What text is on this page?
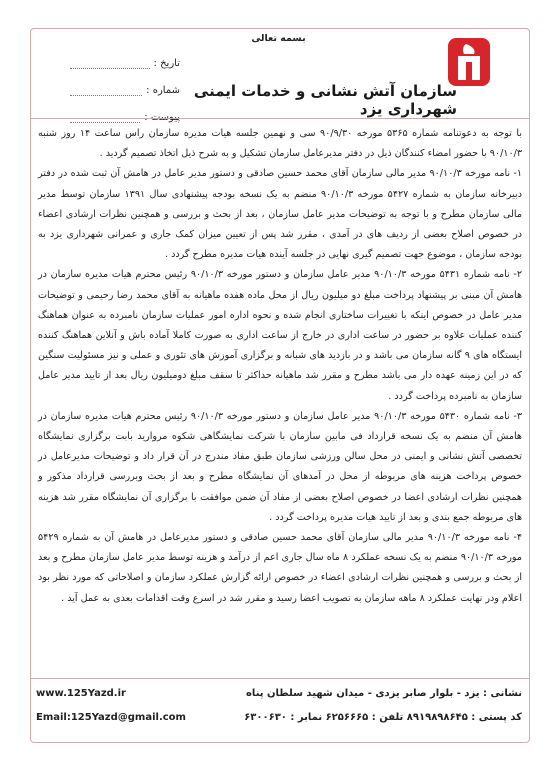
بسمه تعالی
سازمان آتش نشانی و خدمات ایمنی
شهرداری یزد
تاریخ :
شماره :
پیوست :

با توجه به دعوتنامه شماره ۵۳۶۵ مورخه ۹۰/۹/۳۰ سی و نهمین جلسه هیات مدیره سازمان راس ساعت ۱۴ روز شنبه ۹۰/۱۰/۳ با حضور امضاء کنندگان ذیل در دفتر مدیرعامل سازمان تشکیل و به شرح ذیل اتخاذ تصمیم گردید .

۱- نامه مورخه ۹۰/۱۰/۳ مدیر مالی سازمان آقای محمد حسین صادقی و دستور مدیر عامل در هامش آن ثبت شده در دفتر دبیرخانه سازمان به شماره ۵۴۲۷ مورخه ۹۰/۱۰/۳ منضم به یک نسخه بودجه پیشنهادی سال ۱۳۹۱ سازمان توسط مدیر مالی سازمان مطرح و با توجه به توضیحات مدیر عامل سازمان ، بعد از بحث و بررسی و همچنین نظرات ارشادی اعضاء در خصوص اصلاح بعضی از ردیف های در آمدی ، مقرر شد پس از تعیین میزان کمک جاری و عمرانی شهرداری یزد به بودجه سازمان ، موضوع جهت تصمیم گیری نهایی در جلسه آینده هیات مدیره مطرح گردد .

۲- نامه شماره ۵۴۳۱ مورخه ۹۰/۱۰/۳ مدیر عامل سازمان و دستور مورخه ۹۰/۱۰/۳ رئیس محترم هیات مدیره سازمان در هامش آن مبنی بر پیشنهاد پرداخت مبلغ دو میلیون ریال از محل ماده هفده ماهیانه به آقای محمد رضا رحیمی و توضیحات مدیر عامل در خصوص اینکه با تغییرات ساختاری انجام شده و نحوه اداره امور عملیات سازمان نامبرده به عنوان هماهنگ کننده عملیات علاوه بر حضور در ساعت اداری در خارج از ساعت اداری به صورت کاملا آماده باش و آنلاین هماهنگ کننده ایستگاه های ۹ گانه سازمان می باشد و در بازدید های شبانه و برگزاری آموزش های تئوری و عملی و نیز مسئولیت سنگین که در این زمینه عهده دار می باشد مطرح و مقرر شد ماهیانه حداکثر تا سقف مبلغ دومیلیون ریال بعد از تایید مدیر عامل سازمان به نامبرده پرداخت گردد .

۳- نامه شماره ۵۴۳۰ مورخه ۹۰/۱۰/۳ مدیر عامل سازمان و دستور مورخه ۹۰/۱۰/۳ رئیس محترم هیات مدیره سازمان در هامش آن منضم به یک نسخه قرارداد فی مابین سازمان با شرکت نمایشگاهی شکوه مروارید بابت برگزاری نمایشگاه تخصصی آتش نشانی و ایمنی در محل سالن ورزشی سازمان طبق مفاد مندرج در آن قرار داد و توضیحات مدیرعامل در خصوص پرداخت هزینه های مربوطه از محل در آمدهای آن نمایشگاه مطرح و بعد از بحث وبررسی قرارداد مذکور و همچنین نظرات ارشادی اعضا در خصوص اصلاح بعضی از مفاد آن ضمن موافقت با برگزاری آن نمایشگاه مقرر شد هزینه های مربوطه جمع بندی و بعد از تایید هیات مدیره پرداخت گردد .

۴- نامه مورخه ۹۰/۱۰/۳ مدیر مالی سازمان آقای محمد حسین صادقی و دستور مدیرعامل در هامش آن به شماره ۵۴۲۹ مورخه ۹۰/۱۰/۳ منضم به یک نسخه عملکرد ۸ ماه سال جاری اعم از درآمد و هزینه توسط مدیر عامل سازمان مطرح و بعد از بحث و بررسی و همچنین نظرات ارشادی اعضاء در خصوص ارائه گزارش عملکرد سازمان و اصلاحاتی که مورد نظر بود اعلام ودر نهایت عملکرد ۸ ماهه سازمان به تصویب اعضا رسید و مقرر شد در اسرع وقت اقدامات بعدی به عمل آید .

نشانی : یزد - بلوار صابر یزدی - میدان شهید سلطان پناه
کد پستی : ۸۹۱۹۸۹۸۶۴۵ تلفن : ۶۲۵۶۶۶۵ نمابر : ۶۳۰۰۶۳۰
www.125Yazd.ir
Email:125Yazd@gmail.com
